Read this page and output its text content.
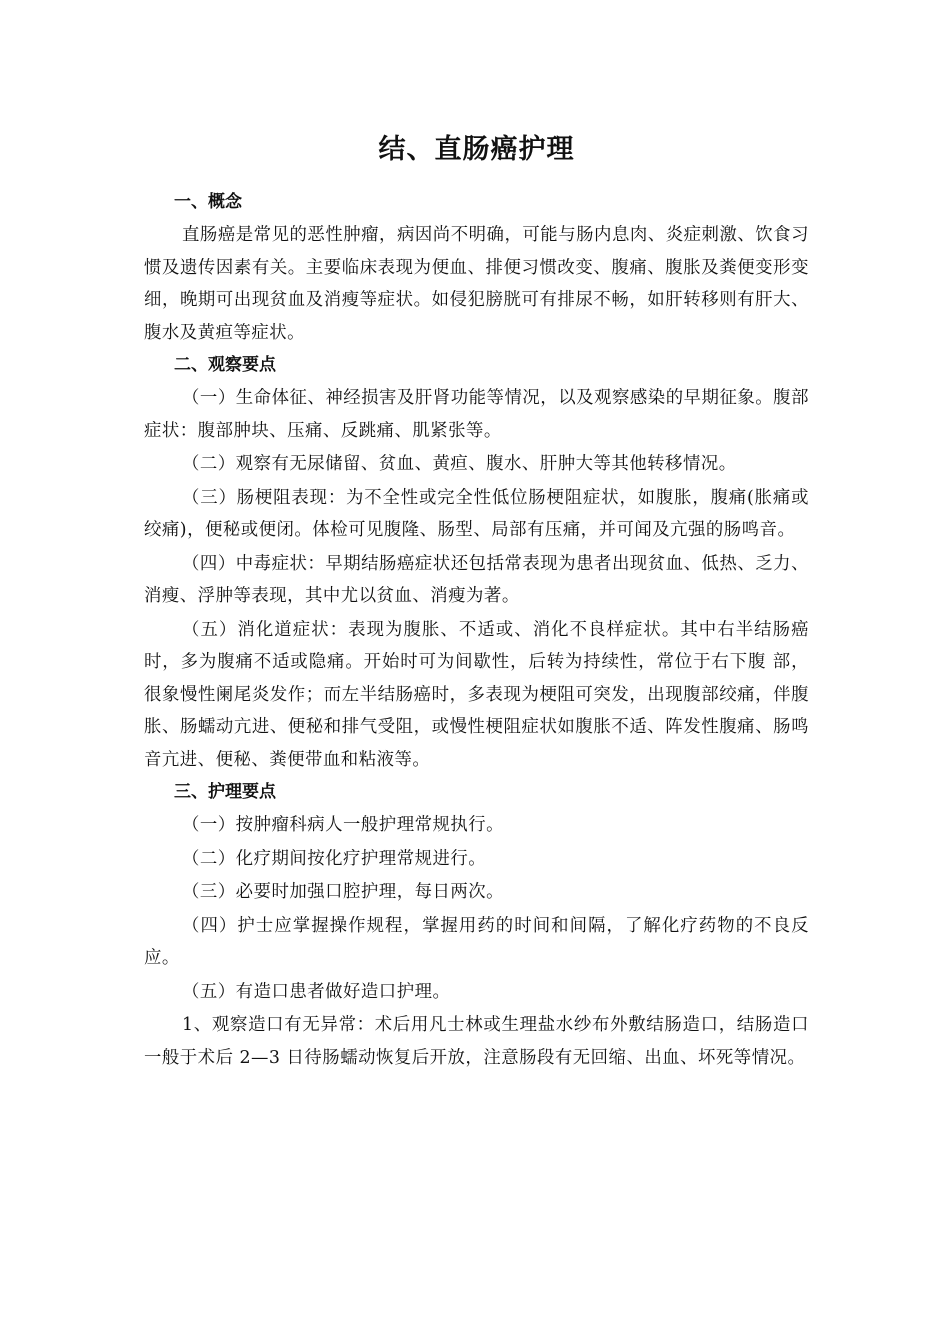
结、直肠癌护理
一、概念

直肠癌是常见的恶性肿瘤，病因尚不明确，可能与肠内息肉、炎症刺激、饮食习惯及遗传因素有关。主要临床表现为便血、排便习惯改变、腹痛、腹胀及粪便变形变细，晚期可出现贫血及消瘦等症状。如侵犯膀胱可有排尿不畅，如肝转移则有肝大、腹水及黄疸等症状。

二、观察要点

（一）生命体征、神经损害及肝肾功能等情况，以及观察感染的早期征象。腹部症状：腹部肿块、压痛、反跳痛、肌紧张等。

（二）观察有无尿储留、贫血、黄疸、腹水、肝肿大等其他转移情况。

（三）肠梗阻表现：为不全性或完全性低位肠梗阻症状，如腹胀，腹痛(胀痛或绞痛)，便秘或便闭。体检可见腹隆、肠型、局部有压痛，并可闻及亢强的肠鸣音。

（四）中毒症状：早期结肠癌症状还包括常表现为患者出现贫血、低热、乏力、消瘦、浮肿等表现，其中尤以贫血、消瘦为著。

（五）消化道症状：表现为腹胀、不适或、消化不良样症状。其中右半结肠癌时，多为腹痛不适或隐痛。开始时可为间歇性，后转为持续性，常位于右下腹 部，很象慢性阑尾炎发作；而左半结肠癌时，多表现为梗阻可突发，出现腹部绞痛，伴腹胀、肠蠕动亢进、便秘和排气受阻，或慢性梗阻症状如腹胀不适、阵发性腹痛、肠鸣音亢进、便秘、粪便带血和粘液等。

三、护理要点

（一）按肿瘤科病人一般护理常规执行。

（二）化疗期间按化疗护理常规进行。

（三）必要时加强口腔护理，每日两次。

（四）护士应掌握操作规程，掌握用药的时间和间隔，了解化疗药物的不良反应。

（五）有造口患者做好造口护理。

1、观察造口有无异常：术后用凡士林或生理盐水纱布外敷结肠造口，结肠造口一般于术后 2—3 日待肠蠕动恢复后开放，注意肠段有无回缩、出血、坏死等情况。
